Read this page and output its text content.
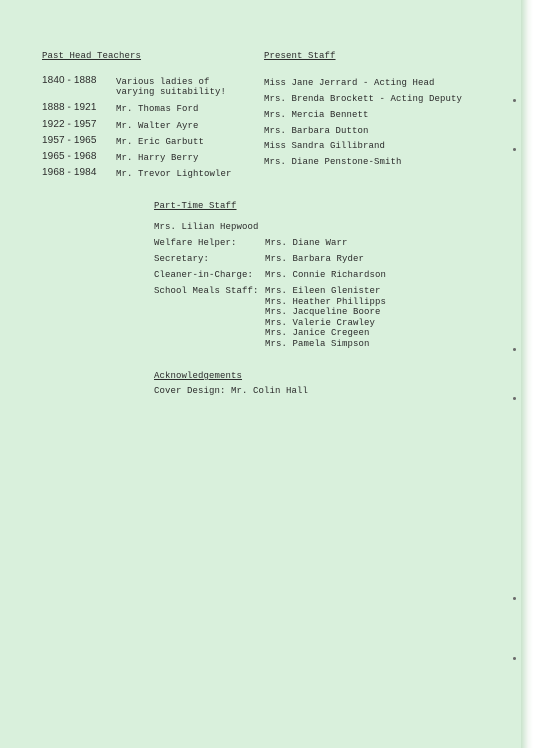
Past Head Teachers
1840 - 1888 Various ladies of
varying suitability!
1888 - 1921 Mr. Thomas Ford
1922 - 1957 Mr. Walter Ayre
1957 - 1965 Mr. Eric Garbutt
1965 - 1968 Mr. Harry Berry
1968 - 1984 Mr. Trevor Lightowler
Present Staff
Miss Jane Jerrard - Acting Head
Mrs. Brenda Brockett - Acting Deputy
Mrs. Mercia Bennett
Mrs. Barbara Dutton
Miss Sandra Gillibrand
Mrs. Diane Penstone-Smith
Part-Time Staff
Mrs. Lilian Hepwood
Welfare Helper:	Mrs. Diane Warr
Secretary:	Mrs. Barbara Ryder
Cleaner-in-Charge: Mrs. Connie Richardson
School Meals Staff: Mrs. Eileen Glenister
Mrs. Heather Phillipps
Mrs. Jacqueline Boore
Mrs. Valerie Crawley
Mrs. Janice Cregeen
Mrs. Pamela Simpson
Acknowledgements
Cover Design: Mr. Colin Hall
